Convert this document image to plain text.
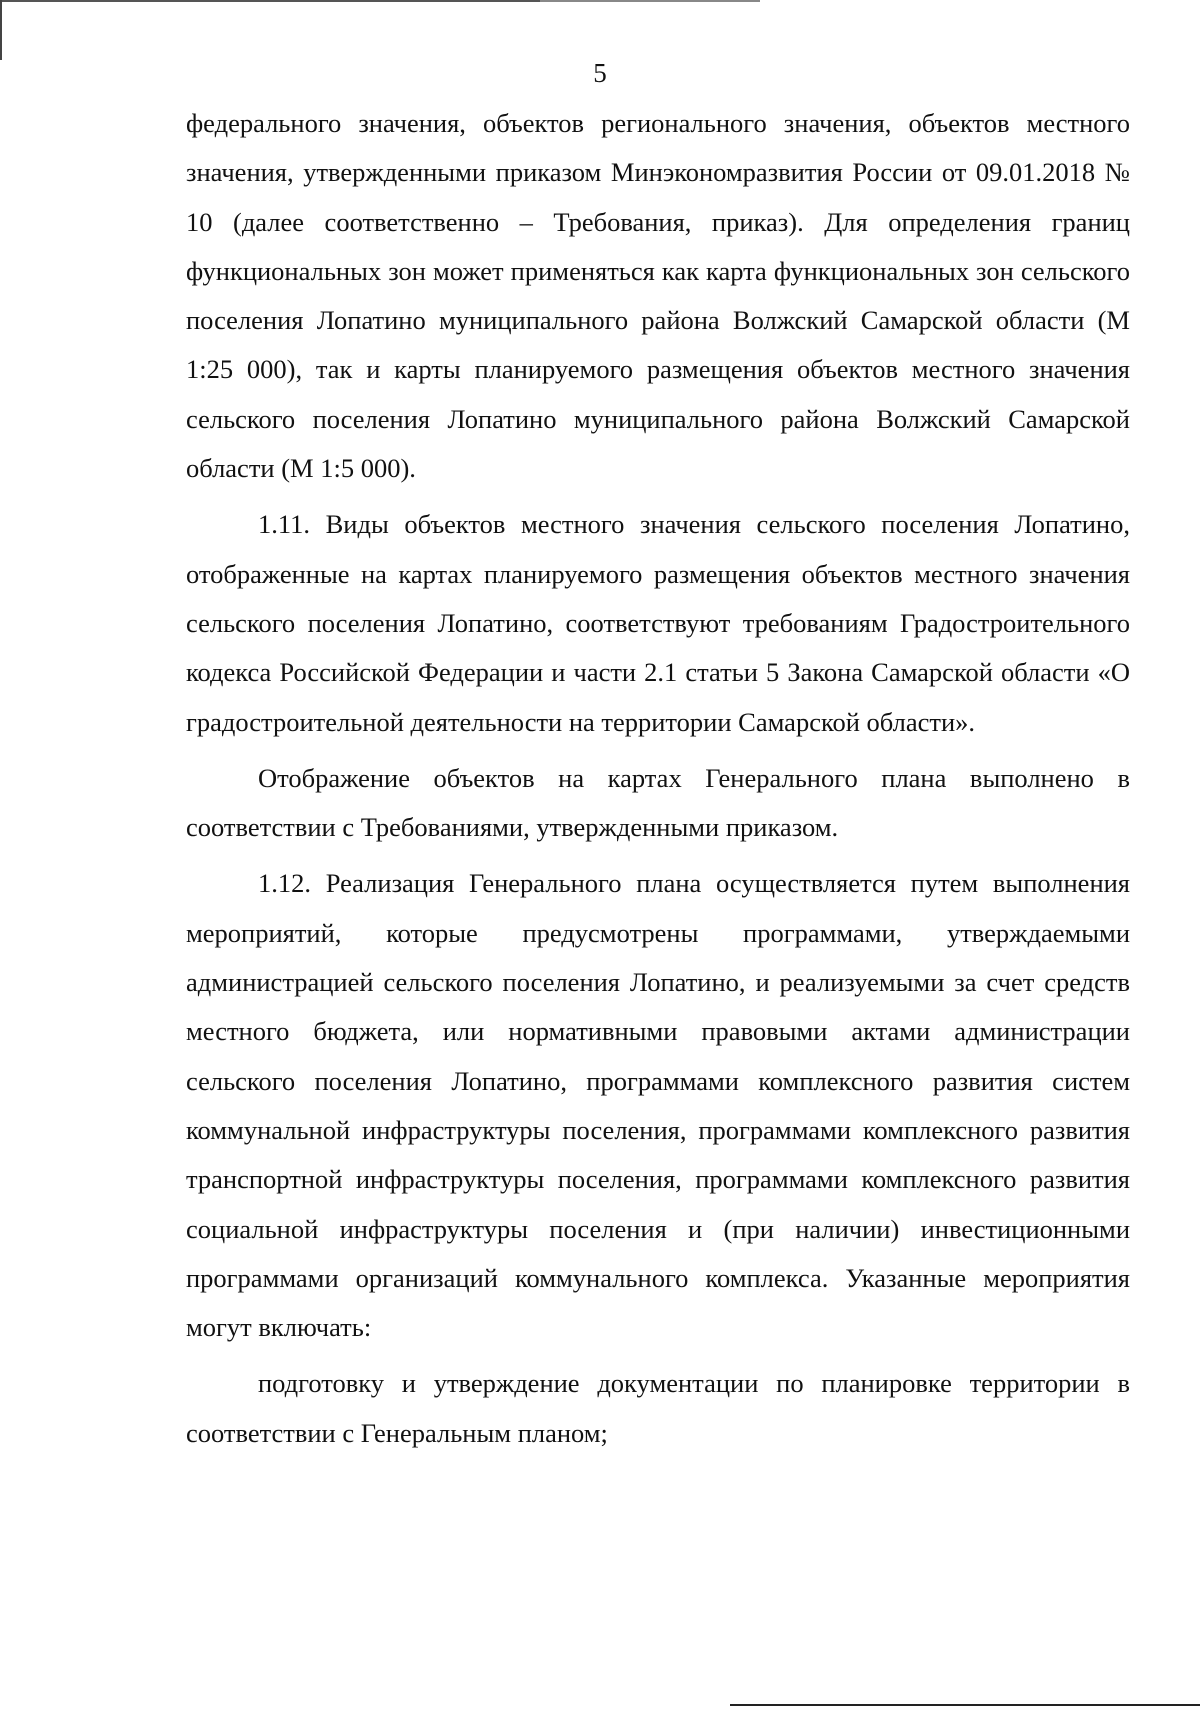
5

федерального значения, объектов регионального значения, объектов местного значения, утвержденными приказом Минэкономразвития России от 09.01.2018 № 10 (далее соответственно – Требования, приказ). Для определения границ функциональных зон может применяться как карта функциональных зон сельского поселения Лопатино муниципального района Волжский Самарской области (М 1:25 000), так и карты планируемого размещения объектов местного значения сельского поселения Лопатино муниципального района Волжский Самарской области (М 1:5 000).

1.11. Виды объектов местного значения сельского поселения Лопатино, отображенные на картах планируемого размещения объектов местного значения сельского поселения Лопатино, соответствуют требованиям Градостроительного кодекса Российской Федерации и части 2.1 статьи 5 Закона Самарской области «О градостроительной деятельности на территории Самарской области».

Отображение объектов на картах Генерального плана выполнено в соответствии с Требованиями, утвержденными приказом.

1.12. Реализация Генерального плана осуществляется путем выполнения мероприятий, которые предусмотрены программами, утверждаемыми администрацией сельского поселения Лопатино, и реализуемыми за счет средств местного бюджета, или нормативными правовыми актами администрации сельского поселения Лопатино, программами комплексного развития систем коммунальной инфраструктуры поселения, программами комплексного развития транспортной инфраструктуры поселения, программами комплексного развития социальной инфраструктуры поселения и (при наличии) инвестиционными программами организаций коммунального комплекса. Указанные мероприятия могут включать:

подготовку и утверждение документации по планировке территории в соответствии с Генеральным планом;
